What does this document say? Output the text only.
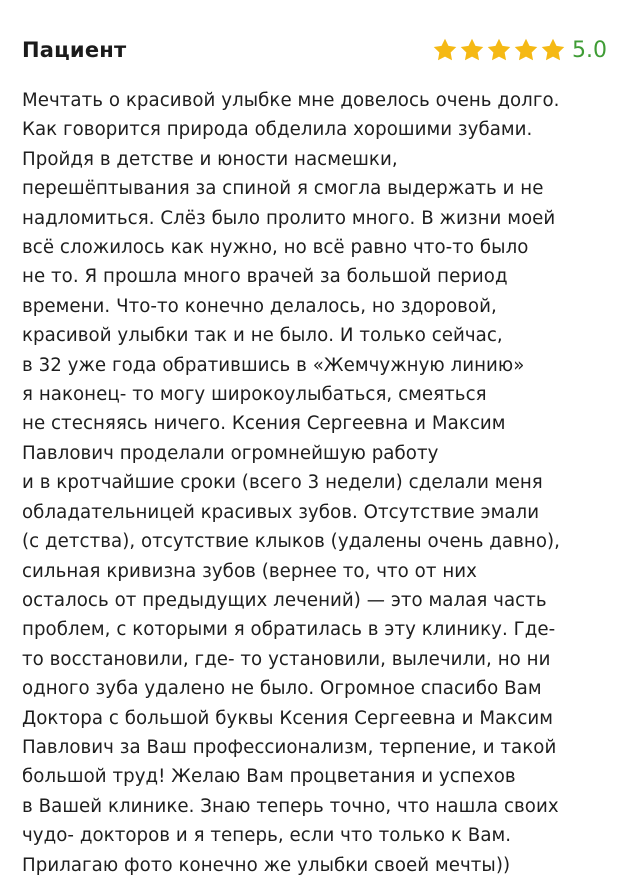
Пациент	5.0
Мечтать о красивой улыбке мне довелось очень долго.
Как говорится природа обделила хорошими зубами.
Пройдя в детстве и юности насмешки,
перешёптывания за спиной я смогла выдержать и не
надломиться. Слёз было пролито много. В жизни моей
всё сложилось как нужно, но всё равно что-то было
не то. Я прошла много врачей за большой период
времени. Что-то конечно делалось, но здоровой,
красивой улыбки так и не было. И только сейчас,
в 32 уже года обратившись в «Жемчужную линию»
я наконец- то могу широкоулыбаться, смеяться
не стесняясь ничего. Ксения Сергеевна и Максим
Павлович проделали огромнейшую работу
и в кротчайшие сроки (всего 3 недели) сделали меня
обладательницей красивых зубов. Отсутствие эмали
(с детства), отсутствие клыков (удалены очень давно),
сильная кривизна зубов (вернее то, что от них
осталось от предыдущих лечений) — это малая часть
проблем, с которыми я обратилась в эту клинику. Где-
то восстановили, где- то установили, вылечили, но ни
одного зуба удалено не было. Огромное спасибо Вам
Доктора с большой буквы Ксения Сергеевна и Максим
Павлович за Ваш профессионализм, терпение, и такой
большой труд! Желаю Вам процветания и успехов
в Вашей клинике. Знаю теперь точно, что нашла своих
чудо- докторов и я теперь, если что только к Вам.
Прилагаю фото конечно же улыбки своей мечты))
